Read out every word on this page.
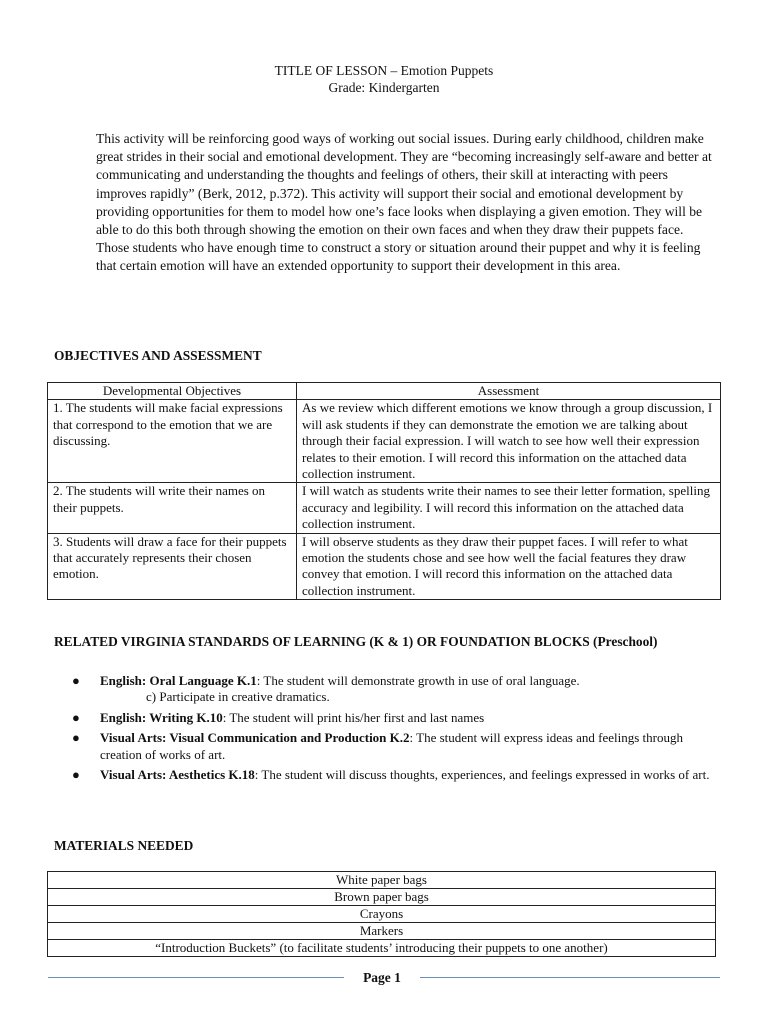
TITLE OF LESSON – Emotion Puppets
Grade: Kindergarten

This activity will be reinforcing good ways of working out social issues. During early childhood, children make great strides in their social and emotional development. They are “becoming increasingly self-aware and better at communicating and understanding the thoughts and feelings of others, their skill at interacting with peers improves rapidly” (Berk, 2012, p.372). This activity will support their social and emotional development by providing opportunities for them to model how one’s face looks when displaying a given emotion. They will be able to do this both through showing the emotion on their own faces and when they draw their puppets face. Those students who have enough time to construct a story or situation around their puppet and why it is feeling that certain emotion will have an extended opportunity to support their development in this area.

OBJECTIVES AND ASSESSMENT
Developmental Objectives	Assessment
1. The students will make facial expressions that correspond to the emotion that we are discussing.	As we review which different emotions we know through a group discussion, I will ask students if they can demonstrate the emotion we are talking about through their facial expression. I will watch to see how well their expression relates to their emotion. I will record this information on the attached data collection instrument.
2. The students will write their names on their puppets.	I will watch as students write their names to see their letter formation, spelling accuracy and legibility. I will record this information on the attached data collection instrument.
3. Students will draw a face for their puppets that accurately represents their chosen emotion.	I will observe students as they draw their puppet faces. I will refer to what emotion the students chose and see how well the facial features they draw convey that emotion. I will record this information on the attached data collection instrument.
RELATED VIRGINIA STANDARDS OF LEARNING (K & 1) OR FOUNDATION BLOCKS (Preschool)
● English: Oral Language K.1: The student will demonstrate growth in use of oral language.
c) Participate in creative dramatics.
● English: Writing K.10: The student will print his/her first and last names
● Visual Arts: Visual Communication and Production K.2: The student will express ideas and feelings through creation of works of art.
● Visual Arts: Aesthetics K.18: The student will discuss thoughts, experiences, and feelings expressed in works of art.
MATERIALS NEEDED
White paper bags
Brown paper bags
Crayons
Markers
“Introduction Buckets” (to facilitate students’ introducing their puppets to one another)
Page 1
